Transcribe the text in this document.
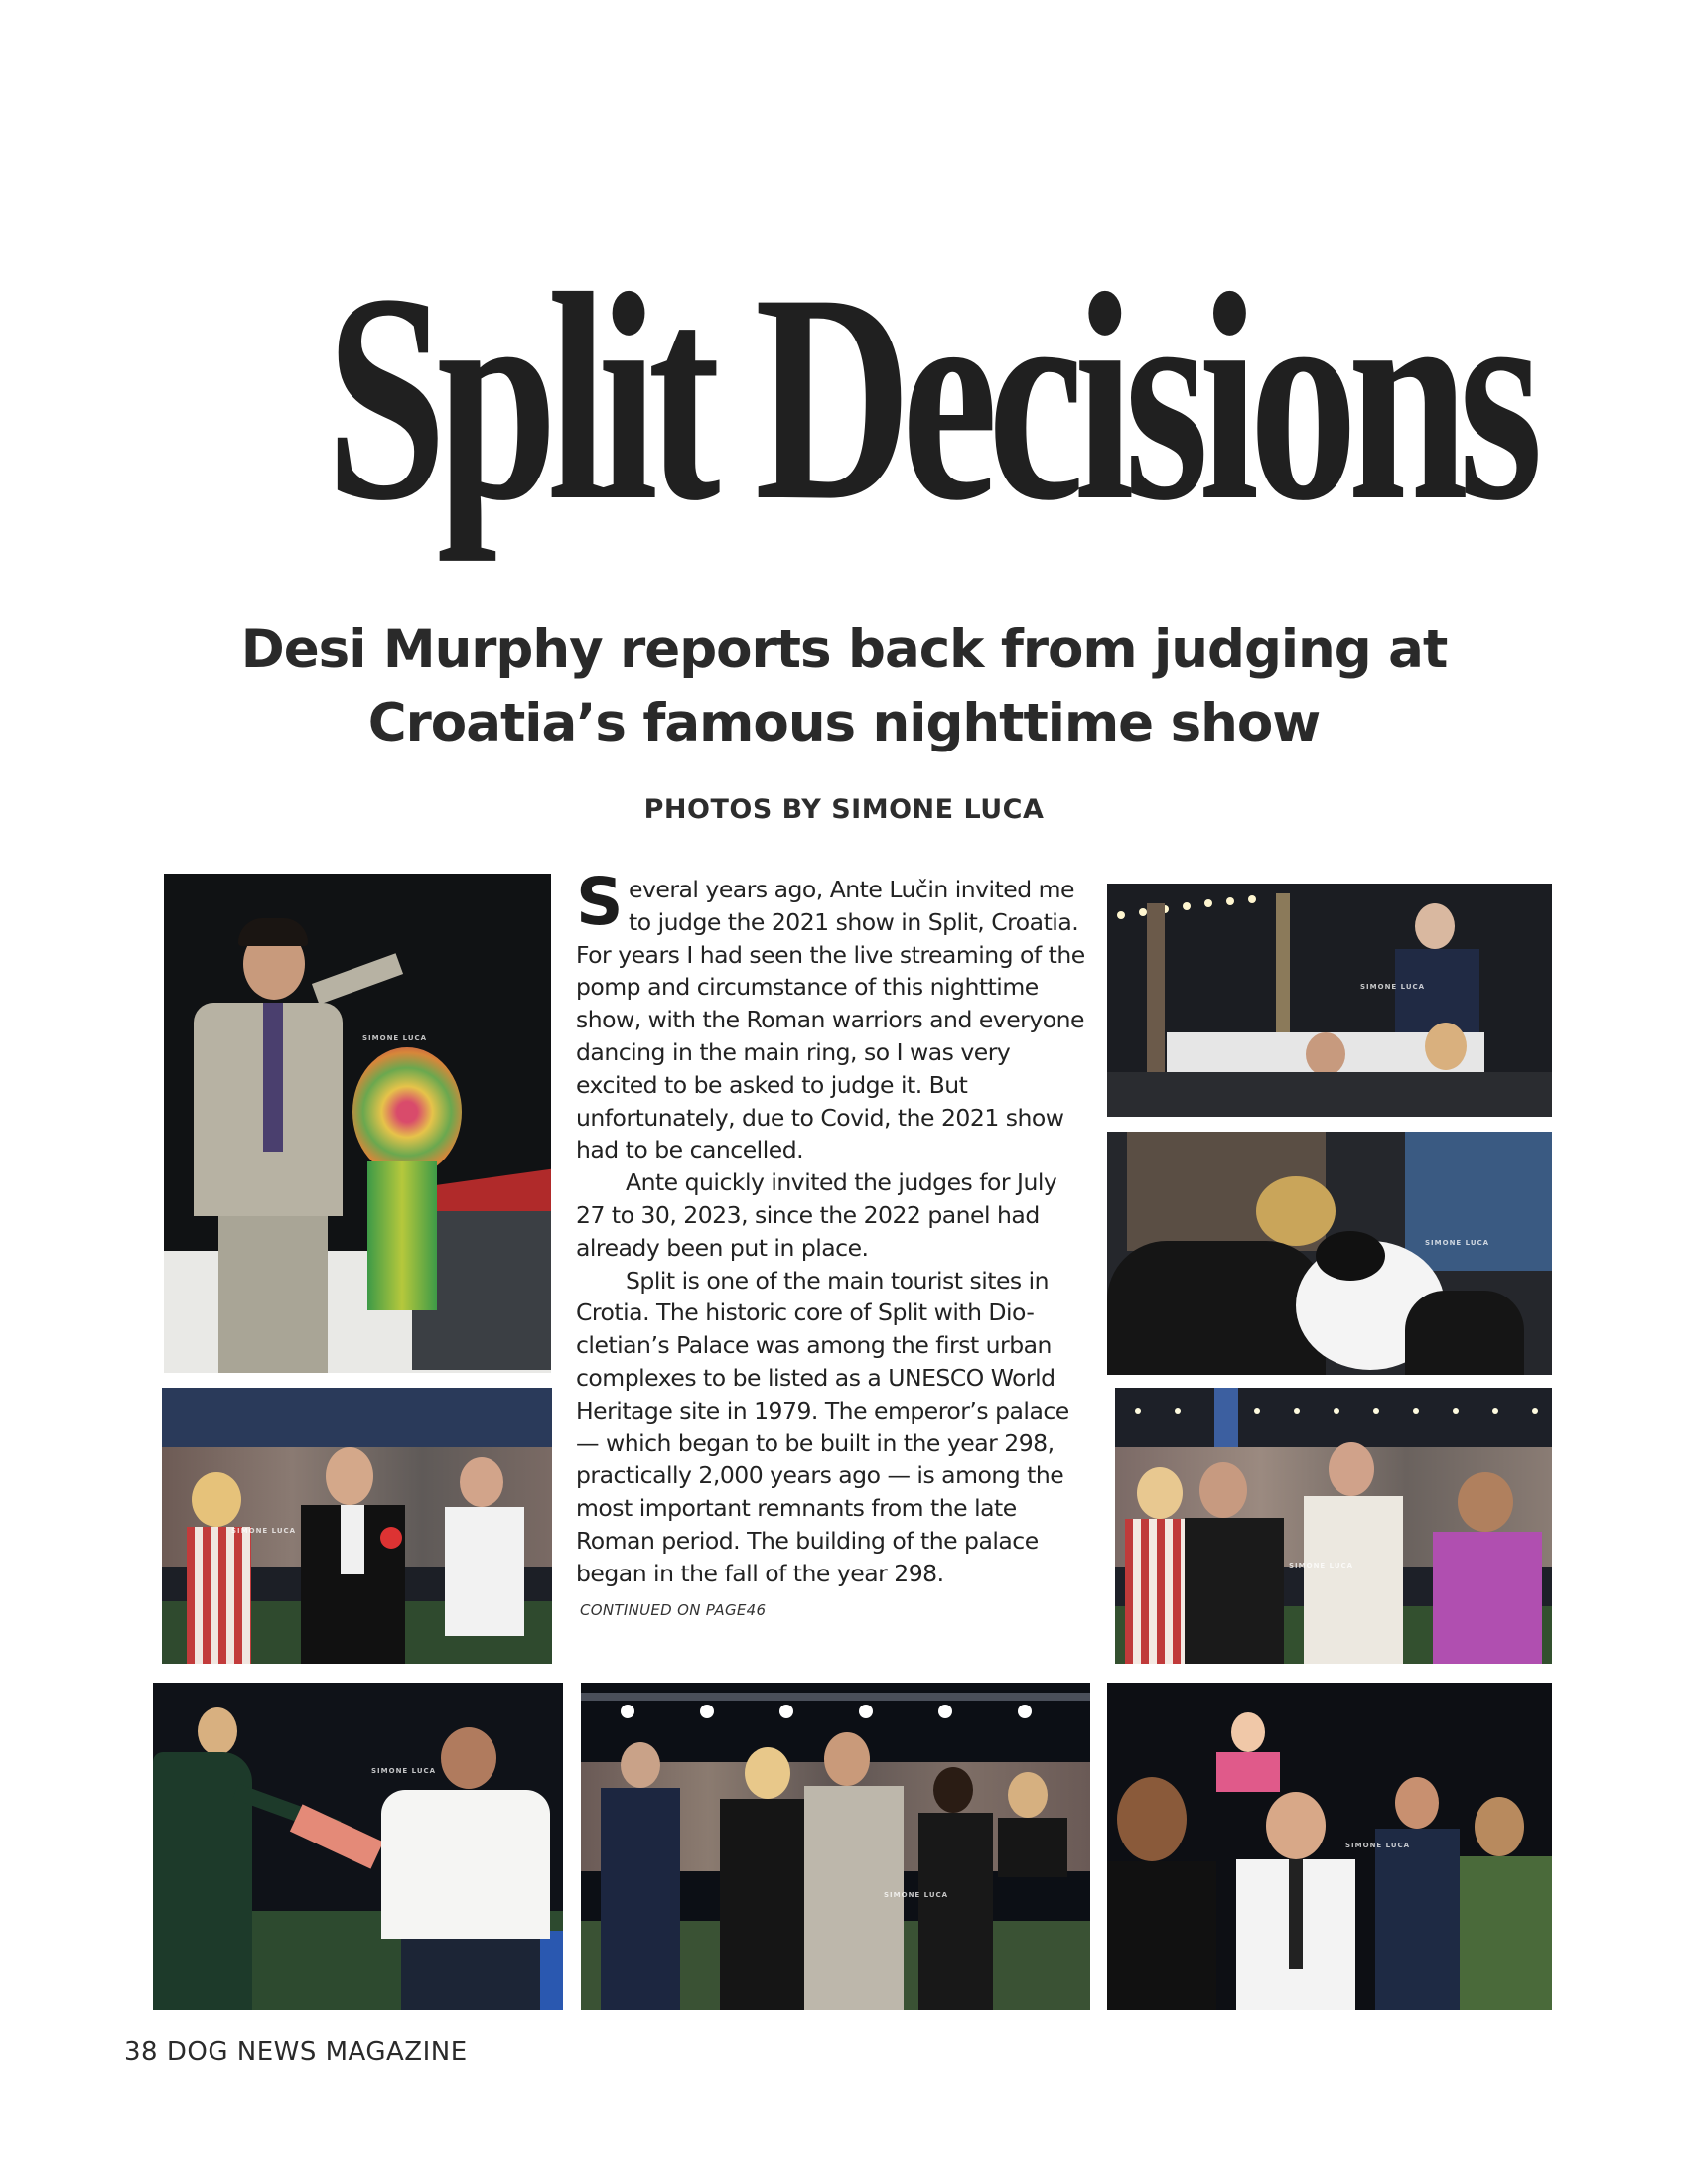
Split Decisions
Desi Murphy reports back from judging at
Croatia’s famous nighttime show
PHOTOS BY SIMONE LUCA
SIMONE LUCA
SIMONE LUCA
SIMONE LUCA
SIMONE LUCA
SIMONE LUCA
SIMONE LUCA
SIMONE LUCA
SIMONE LUCA

Several years ago, Ante Lučin invited me to judge the 2021 show in Split, Croatia. For years I had seen the live streaming of the pomp and circumstance of this nighttime show, with the Roman warriors and everyone dancing in the main ring, so I was very excited to be asked to judge it. But unfortunately, due to Covid, the 2021 show had to be cancelled.

Ante quickly invited the judges for July 27 to 30, 2023, since the 2022 panel had already been put in place.

Split is one of the main tourist sites in Crotia. The historic core of Split with Dio-cletian’s Palace was among the first urban complexes to be listed as a UNESCO World Heritage site in 1979. The emperor’s palace — which began to be built in the year 298, practically 2,000 years ago — is among the most important remnants from the late Roman period. The building of the palace began in the fall of the year 298.

CONTINUED ON PAGE46
38 DOG NEWS MAGAZINE
